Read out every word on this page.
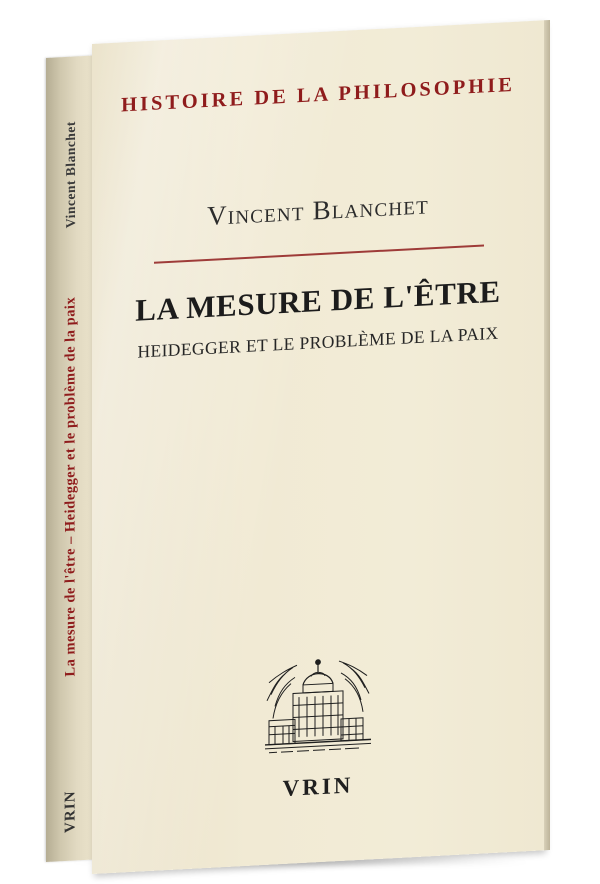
Vincent Blanchet
La mesure de l'être – Heidegger et le problème de la paix
VRIN
HISTOIRE DE LA PHILOSOPHIE
Vincent Blanchet
LA MESURE DE L'ÊTRE
HEIDEGGER ET LE PROBLÈME DE LA PAIX
VRIN
